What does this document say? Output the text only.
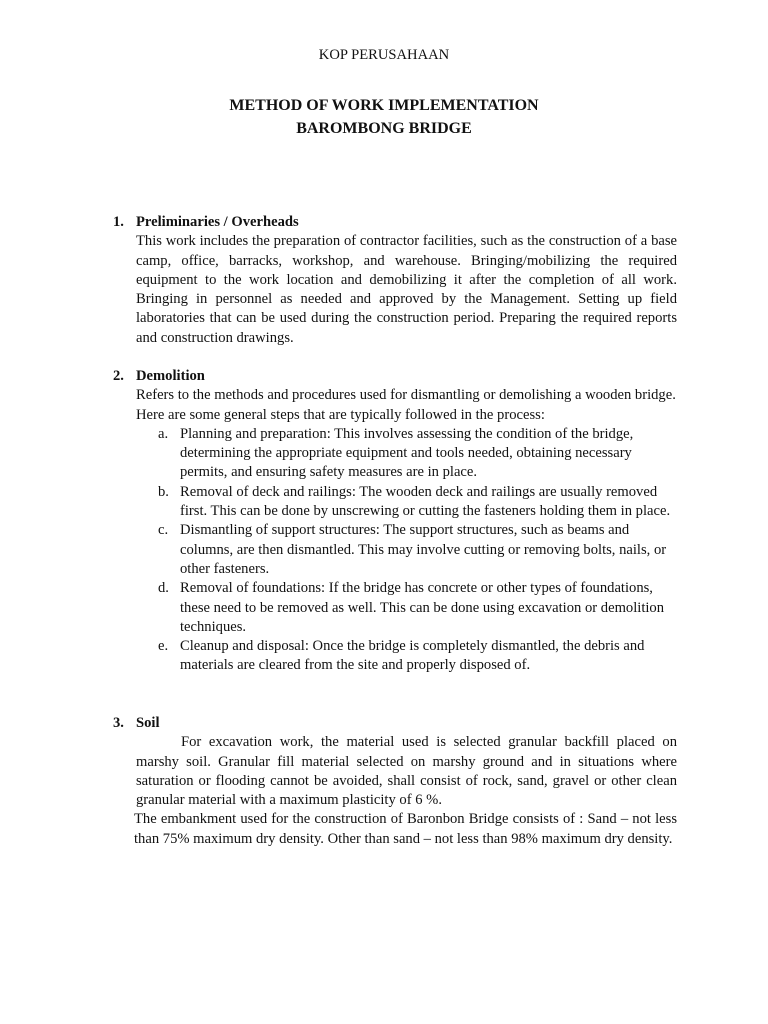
KOP PERUSAHAAN
METHOD OF WORK IMPLEMENTATION
BAROMBONG BRIDGE
1. Preliminaries / Overheads
This work includes the preparation of contractor facilities, such as the construction of a base camp, office, barracks, workshop, and warehouse. Bringing/mobilizing the required equipment to the work location and demobilizing it after the completion of all work. Bringing in personnel as needed and approved by the Management. Setting up field laboratories that can be used during the construction period. Preparing the required reports and construction drawings.
2. Demolition
Refers to the methods and procedures used for dismantling or demolishing a wooden bridge. Here are some general steps that are typically followed in the process:
a. Planning and preparation: This involves assessing the condition of the bridge, determining the appropriate equipment and tools needed, obtaining necessary permits, and ensuring safety measures are in place.
b. Removal of deck and railings: The wooden deck and railings are usually removed first. This can be done by unscrewing or cutting the fasteners holding them in place.
c. Dismantling of support structures: The support structures, such as beams and columns, are then dismantled. This may involve cutting or removing bolts, nails, or other fasteners.
d. Removal of foundations: If the bridge has concrete or other types of foundations, these need to be removed as well. This can be done using excavation or demolition techniques.
e. Cleanup and disposal: Once the bridge is completely dismantled, the debris and materials are cleared from the site and properly disposed of.
3. Soil
For excavation work, the material used is selected granular backfill placed on marshy soil. Granular fill material selected on marshy ground and in situations where saturation or flooding cannot be avoided, shall consist of rock, sand, gravel or other clean granular material with a maximum plasticity of 6 %.
The embankment used for the construction of Baronbon Bridge consists of : Sand – not less than 75% maximum dry density. Other than sand – not less than 98% maximum dry density.
